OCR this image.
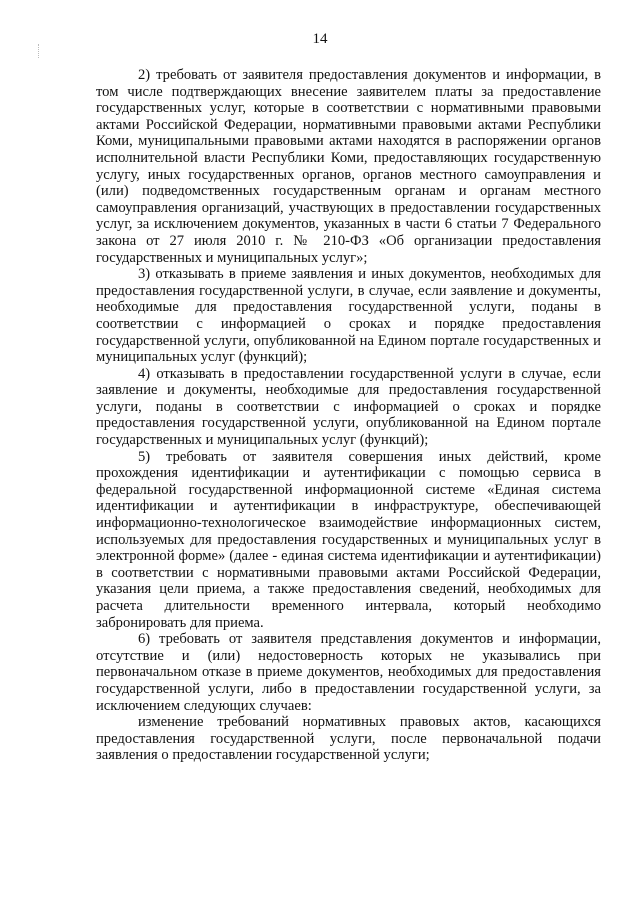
14

2) требовать от заявителя предоставления документов и информации, в том числе подтверждающих внесение заявителем платы за предоставление государственных услуг, которые в соответствии с нормативными правовыми актами Российской Федерации, нормативными правовыми актами Республики Коми, муниципальными правовыми актами находятся в распоряжении органов исполнительной власти Республики Коми, предоставляющих государственную услугу, иных государственных органов, органов местного самоуправления и (или) подведомственных государственным органам и органам местного самоуправления организаций, участвующих в предоставлении государственных услуг, за исключением документов, указанных в части 6 статьи 7 Федерального закона от 27 июля 2010 г. № 210-ФЗ «Об организации предоставления государственных и муниципальных услуг»;

3) отказывать в приеме заявления и иных документов, необходимых для предоставления государственной услуги, в случае, если заявление и документы, необходимые для предоставления государственной услуги, поданы в соответствии с информацией о сроках и порядке предоставления государственной услуги, опубликованной на Едином портале государственных и муниципальных услуг (функций);

4) отказывать в предоставлении государственной услуги в случае, если заявление и документы, необходимые для предоставления государственной услуги, поданы в соответствии с информацией о сроках и порядке предоставления государственной услуги, опубликованной на Едином портале государственных и муниципальных услуг (функций);

5) требовать от заявителя совершения иных действий, кроме прохождения идентификации и аутентификации с помощью сервиса в федеральной государственной информационной системе «Единая система идентификации и аутентификации в инфраструктуре, обеспечивающей информационно-технологическое взаимодействие информационных систем, используемых для предоставления государственных и муниципальных услуг в электронной форме» (далее - единая система идентификации и аутентификации) в соответствии с нормативными правовыми актами Российской Федерации, указания цели приема, а также предоставления сведений, необходимых для расчета длительности временного интервала, который необходимо забронировать для приема.

6) требовать от заявителя представления документов и информации, отсутствие и (или) недостоверность которых не указывались при первоначальном отказе в приеме документов, необходимых для предоставления государственной услуги, либо в предоставлении государственной услуги, за исключением следующих случаев:

изменение требований нормативных правовых актов, касающихся предоставления государственной услуги, после первоначальной подачи заявления о предоставлении государственной услуги;
